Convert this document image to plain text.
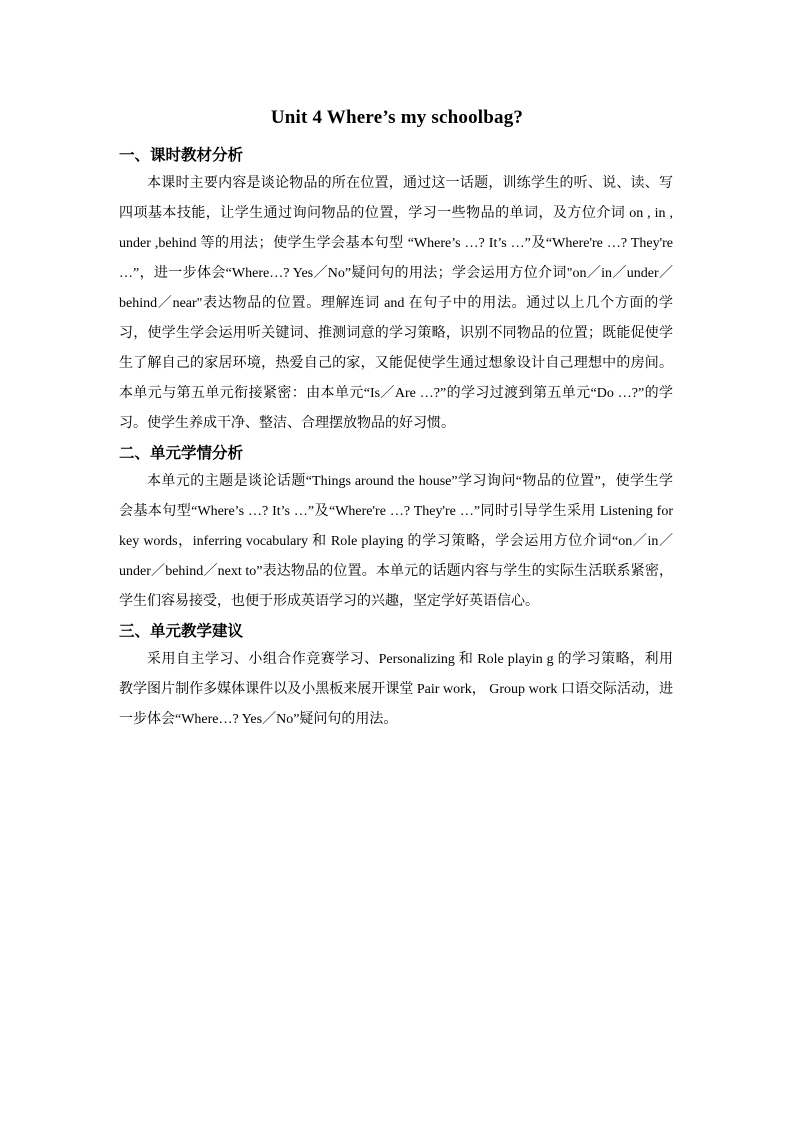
Unit 4 Where’s my schoolbag?

一、课时教材分析

本课时主要内容是谈论物品的所在位置，通过这一话题，训练学生的听、说、读、写四项基本技能，让学生通过询问物品的位置，学习一些物品的单词，及方位介词 on , in , under ,behind 等的用法；使学生学会基本句型 “Where’s …? It’s …”及“Where're …? They're …”，进一步体会“Where…? Yes／No”疑问句的用法；学会运用方位介词"on／in／under／behind／near"表达物品的位置。理解连词 and 在句子中的用法。通过以上几个方面的学习，使学生学会运用听关键词、推测词意的学习策略，识别不同物品的位置；既能促使学生了解自己的家居环境，热爱自己的家，又能促使学生通过想象设计自己理想中的房间。本单元与第五单元衔接紧密：由本单元“Is／Are …?”的学习过渡到第五单元“Do …?”的学习。使学生养成干净、整洁、合理摆放物品的好习惯。

二、单元学情分析

本单元的主题是谈论话题“Things around the house”学习询问“物品的位置”，使学生学会基本句型“Where’s …? It’s …”及“Where're …? They're …”同时引导学生采用 Listening for key words，inferring vocabulary 和 Role playing 的学习策略，学会运用方位介词“on／in／under／behind／next to”表达物品的位置。本单元的话题内容与学生的实际生活联系紧密，学生们容易接受，也便于形成英语学习的兴趣，坚定学好英语信心。

三、单元教学建议

采用自主学习、小组合作竞赛学习、Personalizing 和 Role playin g 的学习策略，利用教学图片制作多媒体课件以及小黑板来展开课堂 Pair work， Group work 口语交际活动，进一步体会“Where…? Yes／No”疑问句的用法。
